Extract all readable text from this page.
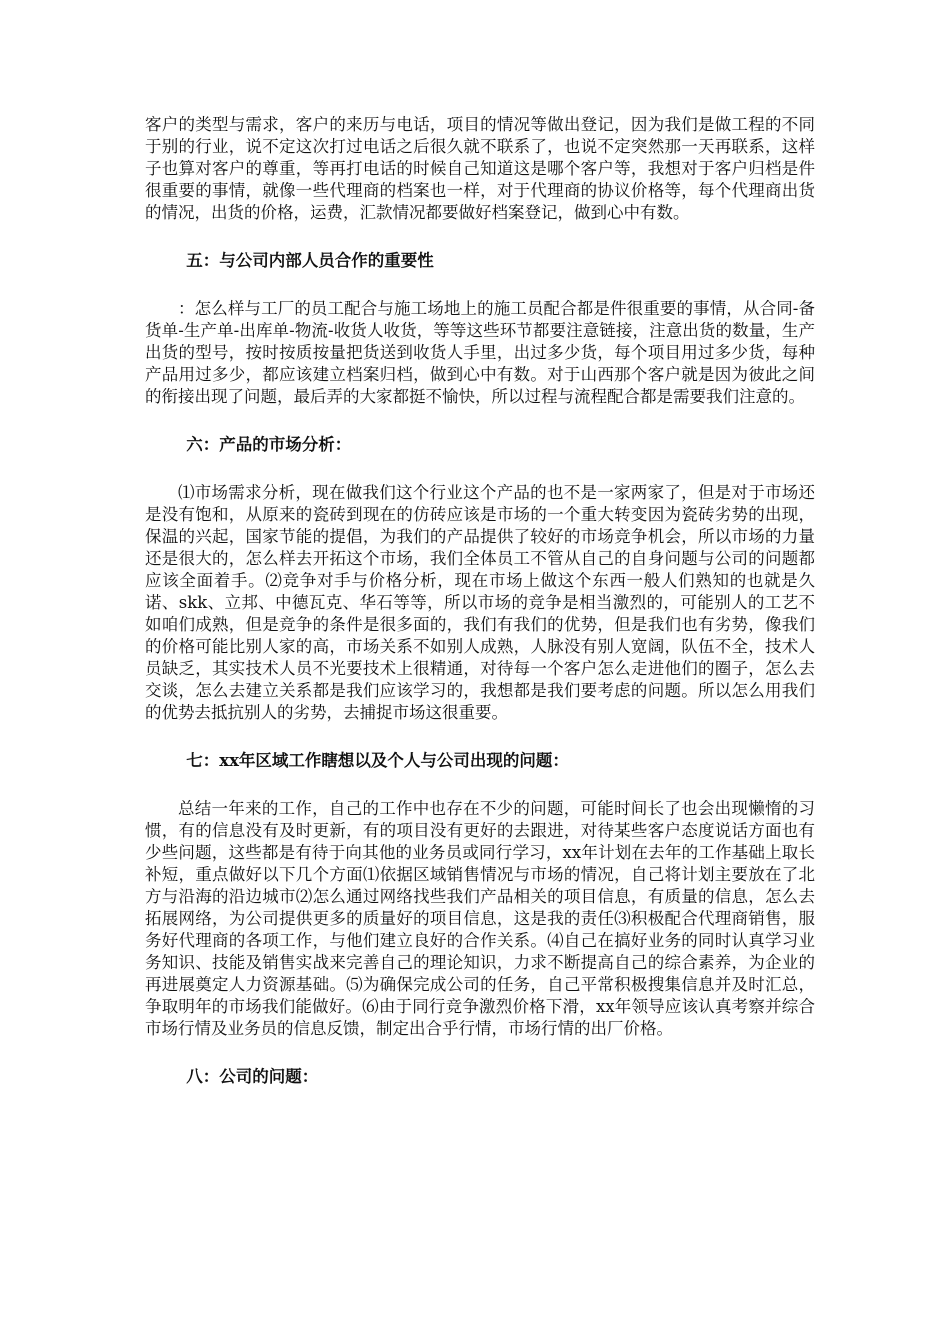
客户的类型与需求，客户的来历与电话，项目的情况等做出登记，因为我们是做工程的不同于别的行业，说不定这次打过电话之后很久就不联系了，也说不定突然那一天再联系，这样子也算对客户的尊重，等再打电话的时候自己知道这是哪个客户等，我想对于客户归档是件很重要的事情，就像一些代理商的档案也一样，对于代理商的协议价格等，每个代理商出货的情况，出货的价格，运费，汇款情况都要做好档案登记，做到心中有数。

五：与公司内部人员合作的重要性

：怎么样与工厂的员工配合与施工场地上的施工员配合都是件很重要的事情，从合同-备货单-生产单-出库单-物流-收货人收货，等等这些环节都要注意链接，注意出货的数量，生产出货的型号，按时按质按量把货送到收货人手里，出过多少货，每个项目用过多少货，每种产品用过多少，都应该建立档案归档，做到心中有数。对于山西那个客户就是因为彼此之间的衔接出现了问题，最后弄的大家都挺不愉快，所以过程与流程配合都是需要我们注意的。

六：产品的市场分析：

⑴市场需求分析，现在做我们这个行业这个产品的也不是一家两家了，但是对于市场还是没有饱和，从原来的瓷砖到现在的仿砖应该是市场的一个重大转变因为瓷砖劣势的出现，保温的兴起，国家节能的提倡，为我们的产品提供了较好的市场竞争机会，所以市场的力量还是很大的，怎么样去开拓这个市场，我们全体员工不管从自己的自身问题与公司的问题都应该全面着手。⑵竞争对手与价格分析，现在市场上做这个东西一般人们熟知的也就是久诺、skk、立邦、中德瓦克、华石等等，所以市场的竞争是相当激烈的，可能别人的工艺不如咱们成熟，但是竞争的条件是很多面的，我们有我们的优势，但是我们也有劣势，像我们的价格可能比别人家的高，市场关系不如别人成熟，人脉没有别人宽阔，队伍不全，技术人员缺乏，其实技术人员不光要技术上很精通，对待每一个客户怎么走进他们的圈子，怎么去交谈，怎么去建立关系都是我们应该学习的，我想都是我们要考虑的问题。所以怎么用我们的优势去抵抗别人的劣势，去捕捉市场这很重要。

七：xx年区域工作瞎想以及个人与公司出现的问题：

总结一年来的工作，自己的工作中也存在不少的问题，可能时间长了也会出现懒惰的习惯，有的信息没有及时更新，有的项目没有更好的去跟进，对待某些客户态度说话方面也有少些问题，这些都是有待于向其他的业务员或同行学习，xx年计划在去年的工作基础上取长补短，重点做好以下几个方面⑴依据区域销售情况与市场的情况，自己将计划主要放在了北方与沿海的沿边城市⑵怎么通过网络找些我们产品相关的项目信息，有质量的信息，怎么去拓展网络，为公司提供更多的质量好的项目信息，这是我的责任⑶积极配合代理商销售，服务好代理商的各项工作，与他们建立良好的合作关系。⑷自己在搞好业务的同时认真学习业务知识、技能及销售实战来完善自己的理论知识，力求不断提高自己的综合素养，为企业的再进展奠定人力资源基础。⑸为确保完成公司的任务，自己平常积极搜集信息并及时汇总，争取明年的市场我们能做好。⑹由于同行竞争激烈价格下滑，xx年领导应该认真考察并综合市场行情及业务员的信息反馈，制定出合乎行情，市场行情的出厂价格。

八：公司的问题：
